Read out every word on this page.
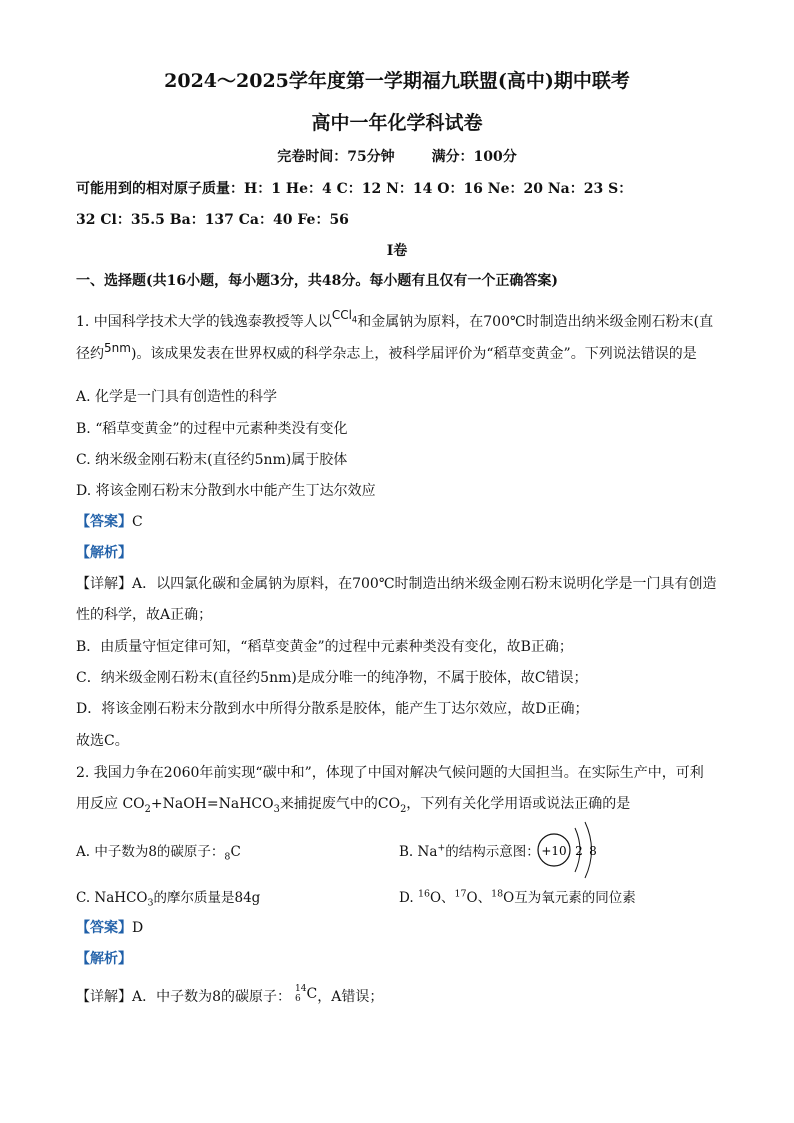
2024～2025学年度第一学期福九联盟(高中)期中联考
高中一年化学科试卷
完卷时间：75分钟	满分：100分
可能用到的相对原子质量：H：1 He：4 C：12 N：14 O：16 Ne：20 Na：23 S：
32 Cl：35.5 Ba：137 Ca：40 Fe：56
I卷
一、选择题(共16小题，每小题3分，共48分。每小题有且仅有一个正确答案)
1. 中国科学技术大学的钱逸泰教授等人以CCl$_4$和金属钠为原料，在700℃时制造出纳米级金刚石粉末(直
径约5nm)。该成果发表在世界权威的科学杂志上，被科学届评价为“稻草变黄金”。下列说法错误的是
A. 化学是一门具有创造性的科学
B. “稻草变黄金”的过程中元素种类没有变化
C. 纳米级金刚石粉末(直径约5nm)属于胶体
D. 将该金刚石粉末分散到水中能产生丁达尔效应
【答案】C
【解析】
【详解】A．以四氯化碳和金属钠为原料，在700℃时制造出纳米级金刚石粉末说明化学是一门具有创造
性的科学，故A正确；
B．由质量守恒定律可知，“稻草变黄金”的过程中元素种类没有变化，故B正确；
C．纳米级金刚石粉末(直径约5nm)是成分唯一的纯净物，不属于胶体，故C错误；
D．将该金刚石粉末分散到水中所得分散系是胶体，能产生丁达尔效应，故D正确；
故选C。
2. 我国力争在2060年前实现“碳中和”，体现了中国对解决气候问题的大国担当。在实际生产中，可利
用反应 $CO_2+NaOH=NaHCO_3$来捕捉废气中的$CO_2$，下列有关化学用语或说法正确的是
A. 中子数为8的碳原子：$_8$C	B. Na+的结构示意图： +10 2 8
C. NaHCO$_3$的摩尔质量是84g	D. $^{16}$O、$^{17}$O、$^{18}$O互为氧元素的同位素
【答案】D
【解析】
【详解】A．中子数为8的碳原子： 14
6 C，A错误；
